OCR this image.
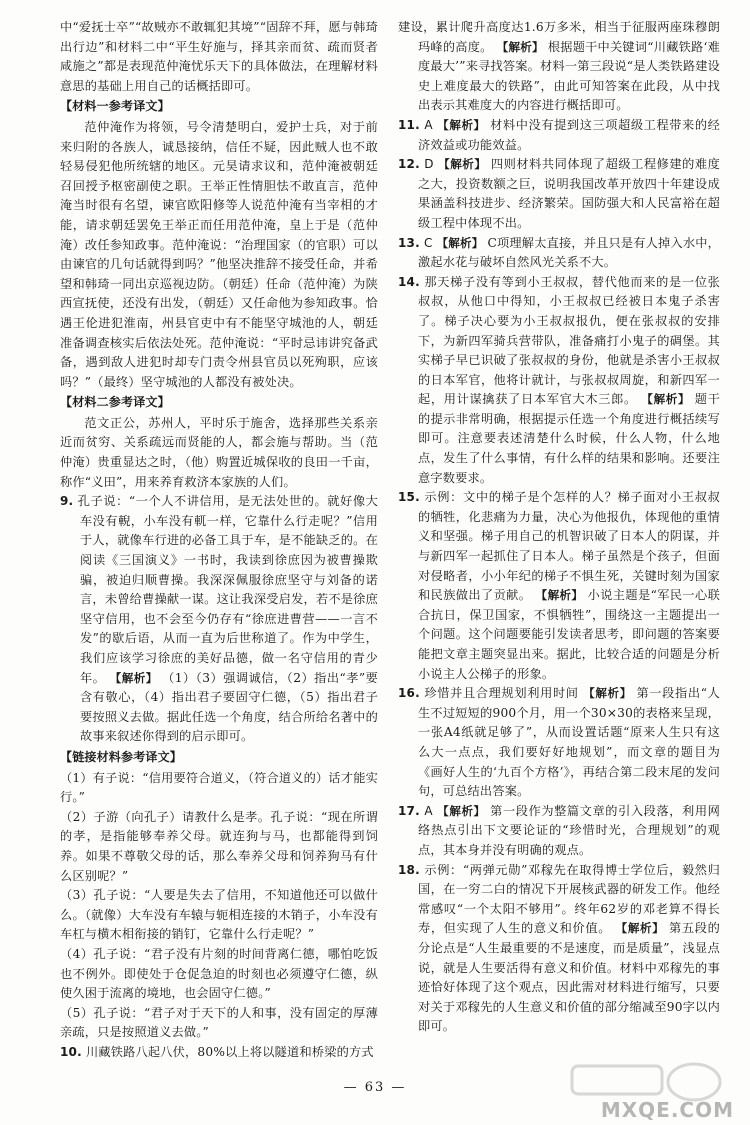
中“爱抚士卒”“故贼亦不敢辄犯其境”“固辞不拜，愿与韩琦出行边”和材料二中“平生好施与，择其亲而贫、疏而贤者咸施之”都是表现范仲淹忧乐天下的具体做法，在理解材料意思的基础上用自己的话概括即可。

【材料一参考译文】

范仲淹作为将领，号令清楚明白，爱护士兵，对于前来归附的各族人，诚恳接纳，信任不疑，因此贼人也不敢轻易侵犯他所统辖的地区。元昊请求议和，范仲淹被朝廷召回授予枢密副使之职。王举正性情胆怯不敢直言，范仲淹当时很有名望，谏官欧阳修等人说范仲淹有当宰相的才能，请求朝廷罢免王举正而任用范仲淹，皇上于是（范仲淹）改任参知政事。范仲淹说：“治理国家（的官职）可以由谏官的几句话就得到吗？”他坚决推辞不接受任命，并希望和韩琦一同出京巡视边防。（朝廷）任命（范仲淹）为陕西宣抚使，还没有出发，（朝廷）又任命他为参知政事。恰遇王伦进犯淮南，州县官吏中有不能坚守城池的人，朝廷准备调查核实后依法处死。范仲淹说：“平时忌讳讲究备武备，遇到敌人进犯时却专门责令州县官员以死殉职，应该吗？”（最终）坚守城池的人都没有被处决。

【材料二参考译文】

范文正公，苏州人，平时乐于施舍，选择那些关系亲近而贫穷、关系疏远而贤能的人，都会施与帮助。当（范仲淹）贵重显达之时，（他）购置近城保收的良田一千亩，称作“义田”，用来养育救济本家族的人们。

9. 孔子说：“一个人不讲信用，是无法处世的。就好像大车没有輗，小车没有軏一样，它靠什么行走呢？”信用于人，就像车行进的必备工具于车，是不能缺乏的。在阅读《三国演义》一书时，我读到徐庶因为被曹操欺骗，被迫归顺曹操。我深深佩服徐庶坚守与刘备的诺言，未曾给曹操献一谋。这让我深受启发，若不是徐庶坚守信用，也不会至今仍存有“徐庶进曹营——一言不发”的歇后语，从而一直为后世称道了。作为中学生，我们应该学习徐庶的美好品德，做一名守信用的青少年。 【解析】 （1）（3）强调诚信，（2）指出“孝”要含有敬心，（4）指出君子要固守仁德，（5）指出君子要按照义去做。据此任选一个角度，结合所给名著中的故事来叙述你得到的启示即可。

【链接材料参考译文】

（1）有子说：“信用要符合道义，（符合道义的）话才能实行。”

（2）子游（向孔子）请教什么是孝。孔子说：“现在所谓的孝，是指能够奉养父母。就连狗与马，也都能得到饲养。如果不尊敬父母的话，那么奉养父母和饲养狗马有什么区别呢？”

（3）孔子说：“人要是失去了信用，不知道他还可以做什么。（就像）大车没有车辕与轭相连接的木销子，小车没有车杠与横木相衔接的销钉，它靠什么行走呢？”

（4）孔子说：“君子没有片刻的时间背离仁德，哪怕吃饭也不例外。即使处于仓促急迫的时刻也必须遵守仁德，纵使久困于流离的境地，也会固守仁德。”

（5）孔子说：“君子对于天下的人和事，没有固定的厚薄亲疏，只是按照道义去做。”

10. 川藏铁路八起八伏，80%以上将以隧道和桥梁的方式

建设，累计爬升高度达1.6万多米，相当于征服两座珠穆朗玛峰的高度。 【解析】 根据题干中关键词“川藏铁路‘难度最大’”来寻找答案。材料一第三段说“是人类铁路建设史上难度最大的铁路”，由此可知答案在此段，从中找出表示其难度大的内容进行概括即可。

11. A 【解析】 材料中没有提到这三项超级工程带来的经济效益或功能效益。

12. D 【解析】 四则材料共同体现了超级工程修建的难度之大，投资数额之巨，说明我国改革开放四十年建设成果涵盖科技进步、经济繁荣。国防强大和人民富裕在超级工程中体现不出。

13. C 【解析】 C项理解太直接，并且只是有人掉入水中，激起水花与破坏自然风光关系不大。

14. 那天梯子没有等到小王叔叔，替代他而来的是一位张叔叔，从他口中得知，小王叔叔已经被日本鬼子杀害了。梯子决心要为小王叔叔报仇，便在张叔叔的安排下，为新四军骑兵营带队，准备痛打小鬼子的碉堡。其实梯子早已识破了张叔叔的身份，他就是杀害小王叔叔的日本军官，他将计就计，与张叔叔周旋，和新四军一起，用计谋擒获了日本军官大木三郎。 【解析】 题干的提示非常明确，根据提示任选一个角度进行概括续写即可。注意要表述清楚什么时候，什么人物，什么地点，发生了什么事情，有什么样的结果和影响。还要注意字数要求。

15. 示例：文中的梯子是个怎样的人？梯子面对小王叔叔的牺牲，化悲痛为力量，决心为他报仇，体现他的重情义和坚强。梯子用自己的机智识破了日本人的阴谋，并与新四军一起抓住了日本人。梯子虽然是个孩子，但面对侵略者，小小年纪的梯子不惧生死，关键时刻为国家和民族做出了贡献。 【解析】 小说主题是“军民一心联合抗日，保卫国家，不惧牺牲”，围绕这一主题提出一个问题。这个问题要能引发读者思考，即问题的答案要能把文章主题突显出来。据此，比较合适的问题是分析小说主人公梯子的形象。

16. 珍惜并且合理规划利用时间 【解析】 第一段指出“人生不过短短的900个月，用一个30×30的表格来呈现，一张A4纸就足够了”，从而设置话题“原来人生只有这么大一点点，我们要好好地规划”，而文章的题目为《画好人生的‘九百个方格’》，再结合第二段末尾的发问句，可总结出答案。

17. A 【解析】 第一段作为整篇文章的引入段落，利用网络热点引出下文要论证的“珍惜时光，合理规划”的观点，其本身并没有明确的观点。

18. 示例：“两弹元勋”邓稼先在取得博士学位后，毅然归国，在一穷二白的情况下开展核武器的研发工作。他经常感叹“一个太阳不够用”。终年62岁的邓老算不得长寿，但实现了人生的意义和价值。 【解析】 第五段的分论点是“人生最重要的不是速度，而是质量”，浅显点说，就是人生要活得有意义和价值。材料中邓稼先的事迹恰好体现了这个观点，因此需对材料进行缩写，只要对关于邓稼先的人生意义和价值的部分缩减至90字以内即可。

— 63 —
MXQE.COM
